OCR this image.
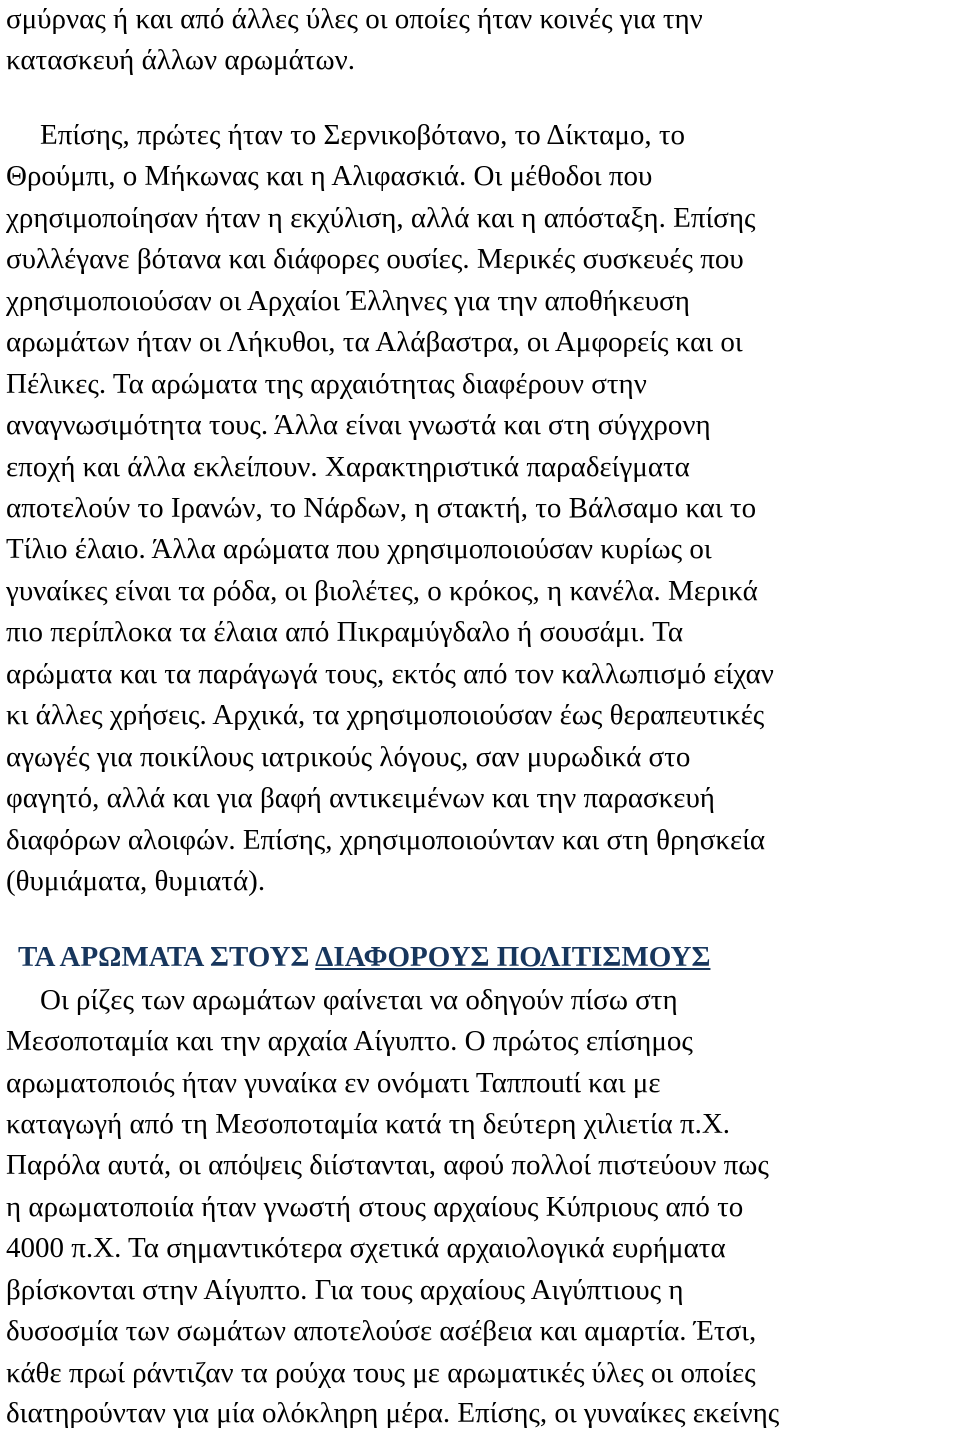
σμύρνας ή και από άλλες ύλες οι οποίες ήταν κοινές για την
κατασκευή άλλων αρωμάτων.
Επίσης, πρώτες ήταν το Σερνικοβότανο, το Δίκταμο, το
Θρούμπι, ο Μήκωνας και η Αλιφασκιά. Οι μέθοδοι που
χρησιμοποίησαν ήταν η εκχύλιση, αλλά και η απόσταξη. Επίσης
συλλέγανε βότανα και διάφορες ουσίες. Μερικές συσκευές που
χρησιμοποιούσαν οι Αρχαίοι Έλληνες για την αποθήκευση
αρωμάτων ήταν οι Λήκυθοι, τα Αλάβαστρα, οι Αμφορείς και οι
Πέλικες. Τα αρώματα της αρχαιότητας διαφέρουν στην
αναγνωσιμότητα τους. Άλλα είναι γνωστά και στη σύγχρονη
εποχή και άλλα εκλείπουν. Χαρακτηριστικά παραδείγματα
αποτελούν το Ιρανών, το Νάρδων, η στακτή, το Βάλσαμο και το
Τίλιο έλαιο. Άλλα αρώματα που χρησιμοποιούσαν κυρίως οι
γυναίκες είναι τα ρόδα, οι βιολέτες, ο κρόκος, η κανέλα. Μερικά
πιο περίπλοκα τα έλαια από Πικραμύγδαλο ή σουσάμι. Τα
αρώματα και τα παράγωγά τους, εκτός από τον καλλωπισμό είχαν
κι άλλες χρήσεις. Αρχικά, τα χρησιμοποιούσαν έως θεραπευτικές
αγωγές για ποικίλους ιατρικούς λόγους, σαν μυρωδικά στο
φαγητό, αλλά και για βαφή αντικειμένων και την παρασκευή
διαφόρων αλοιφών. Επίσης, χρησιμοποιούνταν και στη θρησκεία
(θυμιάματα, θυμιατά).
ΤΑ ΑΡΩΜΑΤΑ ΣΤΟΥΣ ΔΙΑΦΟΡΟΥΣ ΠΟΛΙΤΙΣΜΟΥΣ
Οι ρίζες των αρωμάτων φαίνεται να οδηγούν πίσω στη
Μεσοποταμία και την αρχαία Αίγυπτο. Ο πρώτος επίσημος
αρωματοποιός ήταν γυναίκα εν ονόματι Ταπποutί και με
καταγωγή από τη Μεσοποταμία κατά τη δεύτερη χιλιετία π.Χ.
Παρόλα αυτά, οι απόψεις διίστανται, αφού πολλοί πιστεύουν πως
η αρωματοποιία ήταν γνωστή στους αρχαίους Κύπριους από το
4000 π.Χ. Τα σημαντικότερα σχετικά αρχαιολογικά ευρήματα
βρίσκονται στην Αίγυπτο. Για τους αρχαίους Αιγύπτιους η
δυσοσμία των σωμάτων αποτελούσε ασέβεια και αμαρτία. Έτσι,
κάθε πρωί ράντιζαν τα ρούχα τους με αρωματικές ύλες οι οποίες
διατηρούνταν για μία ολόκληρη μέρα. Επίσης, οι γυναίκες εκείνης
